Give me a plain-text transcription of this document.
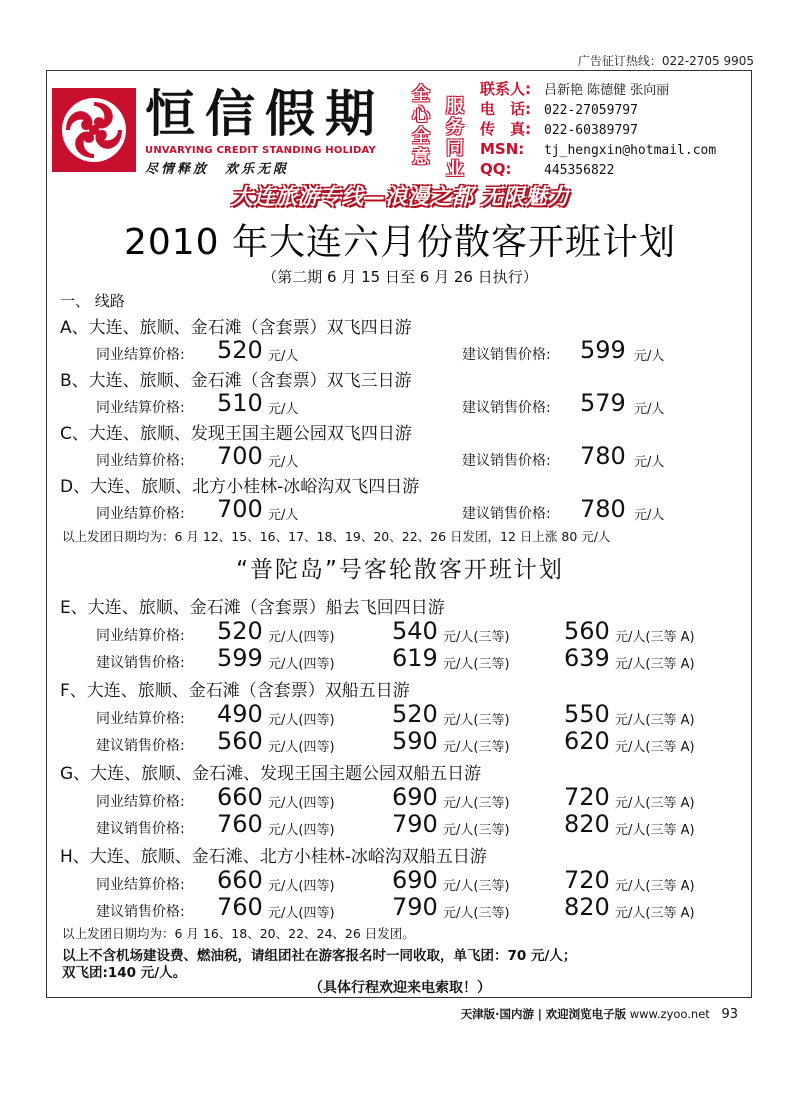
广告征订热线：022-2705 9905
恒信假期
UNVARYING CREDIT STANDING HOLIDAY
尽情释放　欢乐无限
全心全意
服务同业
联系人: 吕新艳 陈德健 张向丽
电　话: 022-27059797
传　真: 022-60389797
MSN: tj_hengxin@hotmail.com
QQ: 445356822
大连旅游专线—浪漫之都 无限魅力
2010 年大连六月份散客开班计划
（第二期 6 月 15 日至 6 月 26 日执行）
一、 线路
A、大连、旅顺、金石滩（含套票）双飞四日游
同业结算价格: 520 元/人	建议销售价格: 599 元/人
B、大连、旅顺、金石滩（含套票）双飞三日游
同业结算价格: 510 元/人	建议销售价格: 579 元/人
C、大连、旅顺、发现王国主题公园双飞四日游
同业结算价格: 700 元/人	建议销售价格: 780 元/人
D、大连、旅顺、北方小桂林-冰峪沟双飞四日游
同业结算价格: 700 元/人	建议销售价格: 780 元/人
以上发团日期均为：6 月 12、15、16、17、18、19、20、22、26 日发团，12 日上涨 80 元/人
“普陀岛”号客轮散客开班计划
E、大连、旅顺、金石滩（含套票）船去飞回四日游
同业结算价格: 520 元/人(四等) 540 元/人(三等) 560 元/人(三等 A)
建议销售价格: 599 元/人(四等) 619 元/人(三等) 639 元/人(三等 A)
F、大连、旅顺、金石滩（含套票）双船五日游
同业结算价格: 490 元/人(四等) 520 元/人(三等) 550 元/人(三等 A)
建议销售价格: 560 元/人(四等) 590 元/人(三等) 620 元/人(三等 A)
G、大连、旅顺、金石滩、发现王国主题公园双船五日游
同业结算价格: 660 元/人(四等) 690 元/人(三等) 720 元/人(三等 A)
建议销售价格: 760 元/人(四等) 790 元/人(三等) 820 元/人(三等 A)
H、大连、旅顺、金石滩、北方小桂林-冰峪沟双船五日游
同业结算价格: 660 元/人(四等) 690 元/人(三等) 720 元/人(三等 A)
建议销售价格: 760 元/人(四等) 790 元/人(三等) 820 元/人(三等 A)
以上发团日期均为：6 月 16、18、20、22、24、26 日发团。
以上不含机场建设费、燃油税，请组团社在游客报名时一同收取，单飞团：70 元/人；
双飞团:140 元/人。
（具体行程欢迎来电索取！）
天津版·国内游 | 欢迎浏览电子版 www.zyoo.net 93
